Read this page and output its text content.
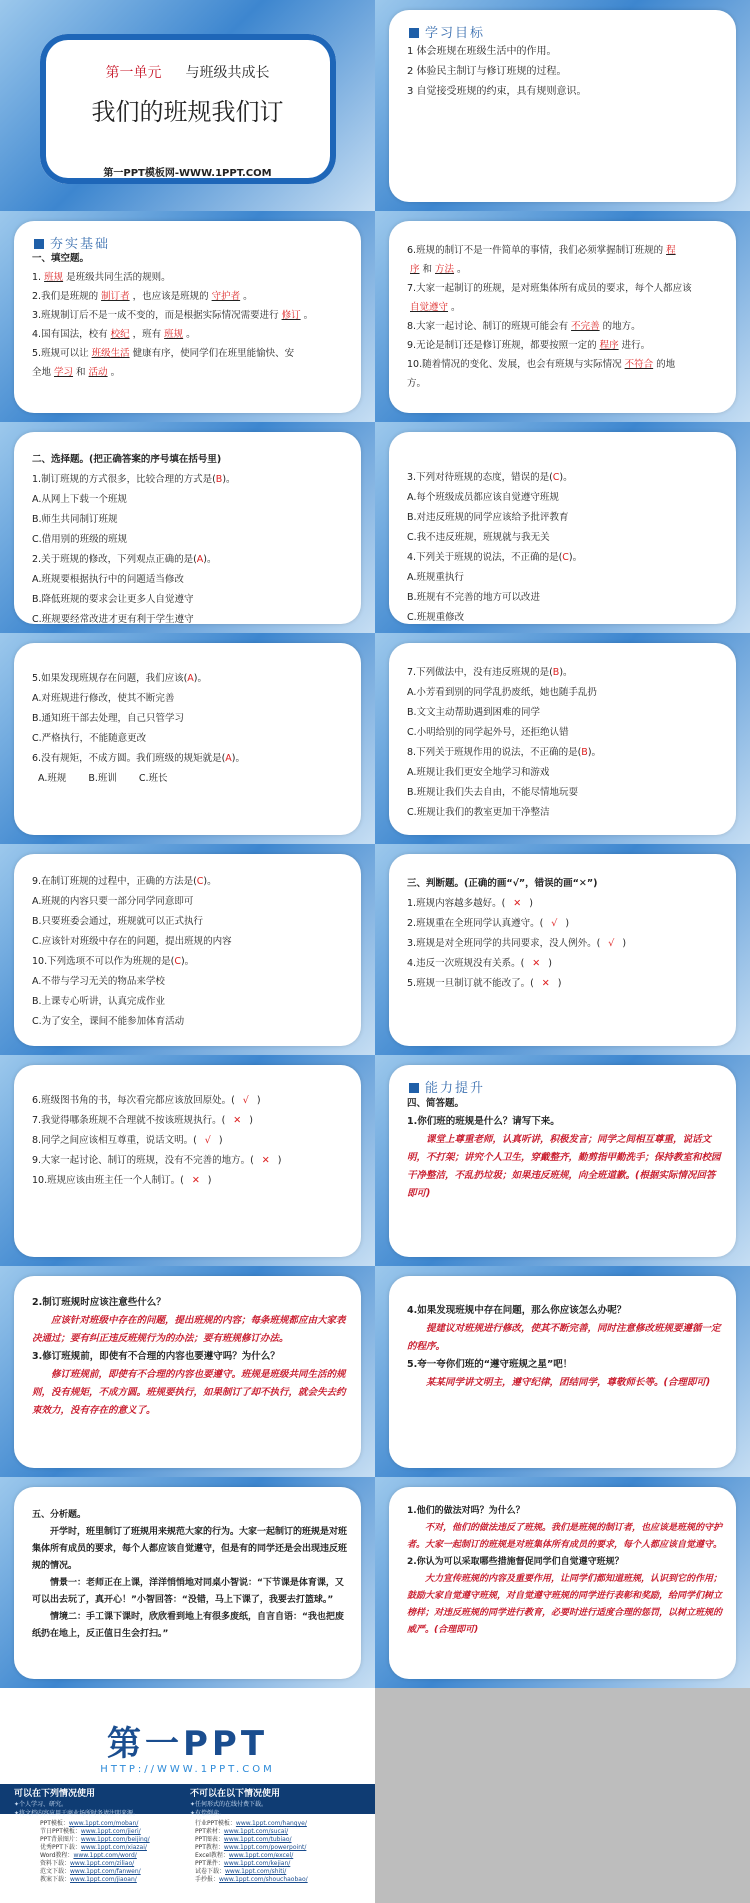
第一单元 与班级共成长
我们的班规我们订
第一PPT模板网-WWW.1PPT.COM
学习目标
1 体会班规在班级生活中的作用。
2 体验民主制订与修订班规的过程。
3 自觉接受班规的约束，具有规则意识。
夯实基础
一、填空题。
1. 班规 是班级共同生活的规则。
2.我们是班规的 制订者 ，也应该是班规的 守护者 。
3.班规制订后不是一成不变的，而是根据实际情况需要进行 修订 。
4.国有国法，校有 校纪 ，班有 班规 。
5.班规可以让 班级生活 健康有序，使同学们在班里能愉快、安
全地 学习 和 活动 。
6.班规的制订不是一件简单的事情，我们必须掌握制订班规的 程
序 和 方法 。
7.大家一起制订的班规，是对班集体所有成员的要求，每个人都应该
自觉遵守 。
8.大家一起讨论、制订的班规可能会有 不完善 的地方。
9.无论是制订还是修订班规，都要按照一定的 程序 进行。
10.随着情况的变化、发展，也会有班规与实际情况 不符合 的地
方。
二、选择题。(把正确答案的序号填在括号里)
1.制订班规的方式很多，比较合理的方式是(B)。
A.从网上下载一个班规
B.师生共同制订班规
C.借用别的班级的班规
2.关于班规的修改，下列观点正确的是(A)。
A.班规要根据执行中的问题适当修改
B.降低班规的要求会让更多人自觉遵守
C.班规要经常改进才更有利于学生遵守
3.下列对待班规的态度，错误的是(C)。
A.每个班级成员都应该自觉遵守班规
B.对违反班规的同学应该给予批评教育
C.我不违反班规，班规就与我无关
4.下列关于班规的说法，不正确的是(C)。
A.班规重执行
B.班规有不完善的地方可以改进
C.班规重修改
5.如果发现班规存在问题，我们应该(A)。
A.对班规进行修改，使其不断完善
B.通知班干部去处理，自己只管学习
C.严格执行，不能随意更改
6.没有规矩，不成方圆。我们班级的规矩就是(A)。
A.班规 B.班训 C.班长
7.下列做法中，没有违反班规的是(B)。
A.小芳看到别的同学乱扔废纸，她也随手乱扔
B.文文主动帮助遇到困难的同学
C.小明给别的同学起外号，还拒绝认错
8.下列关于班规作用的说法，不正确的是(B)。
A.班规让我们更安全地学习和游戏
B.班规让我们失去自由，不能尽情地玩耍
C.班规让我们的教室更加干净整洁
9.在制订班规的过程中，正确的方法是(C)。
A.班规的内容只要一部分同学同意即可
B.只要班委会通过，班规就可以正式执行
C.应该针对班级中存在的问题，提出班规的内容
10.下列选项不可以作为班规的是(C)。
A.不带与学习无关的物品来学校
B.上课专心听讲，认真完成作业
C.为了安全，课间不能参加体育活动
三、判断题。(正确的画“√”，错误的画“✕”)
1.班规内容越多越好。( ✕ )
2.班规重在全班同学认真遵守。( √ )
3.班规是对全班同学的共同要求，没人例外。( √ )
4.违反一次班规没有关系。( ✕ )
5.班规一旦制订就不能改了。( ✕ )
6.班级图书角的书，每次看完都应该放回原处。( √ )
7.我觉得哪条班规不合理就不按该班规执行。( ✕ )
8.同学之间应该相互尊重，说话文明。( √ )
9.大家一起讨论、制订的班规，没有不完善的地方。( ✕ )
10.班规应该由班主任一个人制订。( ✕ )
能力提升
四、简答题。
1.你们班的班规是什么？请写下来。
课堂上尊重老师，认真听讲，积极发言；同学之间相互尊重，说话文明，不打架；讲究个人卫生，穿戴整齐，勤剪指甲勤洗手；保持教室和校园干净整洁，不乱扔垃圾；如果违反班规，向全班道歉。(根据实际情况回答即可)
2.制订班规时应该注意些什么？
应该针对班级中存在的问题，提出班规的内容；每条班规都应由大家表决通过；要有纠正违反班规行为的办法；要有班规修订办法。
3.修订班规前，即使有不合理的内容也要遵守吗？为什么？
修订班规前，即使有不合理的内容也要遵守。班规是班级共同生活的规则，没有规矩，不成方圆。班规要执行，如果制订了却不执行，就会失去约束效力，没有存在的意义了。
4.如果发现班规中存在问题，那么你应该怎么办呢？
提建议对班规进行修改，使其不断完善，同时注意修改班规要遵循一定的程序。
5.夸一夸你们班的“遵守班规之星”吧！
某某同学讲文明主，遵守纪律，团结同学，尊敬师长等。(合理即可)
五、分析题。
开学时，班里制订了班规用来规范大家的行为。大家一起制订的班规是对班集体所有成员的要求，每个人都应该自觉遵守，但是有的同学还是会出现违反班规的情况。
情景一：老师正在上课，洋洋悄悄地对同桌小智说：“下节课是体育课，又可以出去玩了，真开心！”小智回答：“没错，马上下课了，我要去打篮球。”
情境二：手工课下课时，欣欣看到地上有很多废纸，自言自语：“我也把废纸扔在地上，反正值日生会打扫。”
1.他们的做法对吗？为什么？
不对，他们的做法违反了班规。我们是班规的制订者，也应该是班规的守护者。大家一起制订的班规是对班集体所有成员的要求，每个人都应该自觉遵守。
2.你认为可以采取哪些措施督促同学们自觉遵守班规？
大力宣传班规的内容及重要作用，让同学们都知道班规，认识到它的作用；鼓励大家自觉遵守班规，对自觉遵守班规的同学进行表彰和奖励，给同学们树立榜样；对违反班规的同学进行教育，必要时进行适度合理的惩罚，以树立班规的威严。(合理即可)
第一PPT
HTTP://WWW.1PPT.COM
可以在下列情况使用
✦个人学习、研究。
✦将文档内容应用于商业场所时务请注明来源。
不可以在以下情况使用
✦任何形式的在线付费下载。
✦有偿倒卖。
PPT模板：www.1ppt.com/moban/
节日PPT模板：www.1ppt.com/jieri/
PPT背景图片：www.1ppt.com/beijing/
优秀PPT下载：www.1ppt.com/xiazai/
Word教程：www.1ppt.com/word/
资料下载：www.1ppt.com/ziliao/
范文下载：www.1ppt.com/fanwen/
教案下载：www.1ppt.com/jiaoan/
行业PPT模板：www.1ppt.com/hangye/
PPT素材：www.1ppt.com/sucai/
PPT图表：www.1ppt.com/tubiao/
PPT教程：www.1ppt.com/powerpoint/
Excel教程：www.1ppt.com/excel/
PPT课件：www.1ppt.com/kejian/
试卷下载：www.1ppt.com/shiti/
手抄报：www.1ppt.com/shouchaobao/
